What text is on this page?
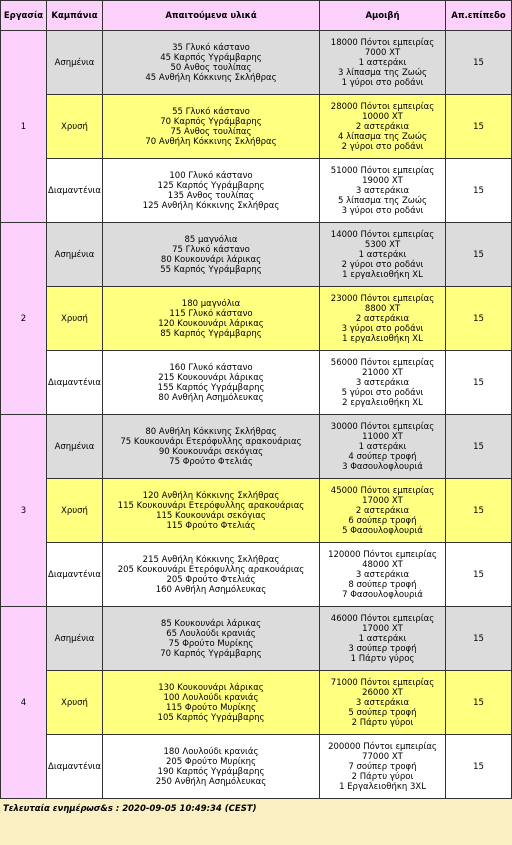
Εργασία	Καμπάνια	Απαιτούμενα υλικά	Αμοιβή	Απ.επίπεδο
1	Ασημένια	35 Γλυκό κάστανο
45 Καρπός Υγράμβαρης
50 Ανθος τουλίπας
45 Ανθήλη Κόκκινης Σκλήθρας	18000 Πόντοι εμπειρίας
7000 ΧΤ
1 αστεράκι
3 λίπασμα της Ζωώς
1 γύροι στο ροδάνι	15
	Χρυσή	55 Γλυκό κάστανο
70 Καρπός Υγράμβαρης
75 Ανθος τουλίπας
70 Ανθήλη Κόκκινης Σκλήθρας	28000 Πόντοι εμπειρίας
10000 ΧΤ
2 αστεράκια
4 λίπασμα της Ζωώς
2 γύροι στο ροδάνι	15
	Διαμαντένια	100 Γλυκό κάστανο
125 Καρπός Υγράμβαρης
135 Ανθος τουλίπας
125 Ανθήλη Κόκκινης Σκλήθρας	51000 Πόντοι εμπειρίας
19000 ΧΤ
3 αστεράκια
5 λίπασμα της Ζωώς
3 γύροι στο ροδάνι	15
2	Ασημένια	85 μαγνόλια
75 Γλυκό κάστανο
80 Κουκουνάρι λάρικας
55 Καρπός Υγράμβαρης	14000 Πόντοι εμπειρίας
5300 ΧΤ
1 αστεράκι
2 γύροι στο ροδάνι
1 εργαλειοθήκη XL	15
	Χρυσή	180 μαγνόλια
115 Γλυκό κάστανο
120 Κουκουνάρι λάρικας
85 Καρπός Υγράμβαρης	23000 Πόντοι εμπειρίας
8800 ΧΤ
2 αστεράκια
3 γύροι στο ροδάνι
1 εργαλειοθήκη XL	15
	Διαμαντένια	160 Γλυκό κάστανο
215 Κουκουνάρι λάρικας
155 Καρπός Υγράμβαρης
80 Ανθήλη Ασημόλευκας	56000 Πόντοι εμπειρίας
21000 ΧΤ
3 αστεράκια
5 γύροι στο ροδάνι
2 εργαλειοθήκη XL	15
3	Ασημένια	80 Ανθήλη Κόκκινης Σκλήθρας
75 Κουκουνάρι Ετερόφυλλης αρακουάριας
90 Κουκουνάρι σεκόγιας
75 Φρούτο Φτελιάς	30000 Πόντοι εμπειρίας
11000 ΧΤ
1 αστεράκι
4 σούπερ τροφή
3 Φασουλοφλουριά	15
	Χρυσή	120 Ανθήλη Κόκκινης Σκλήθρας
115 Κουκουνάρι Ετερόφυλλης αρακουάριας
115 Κουκουνάρι σεκόγιας
115 Φρούτο Φτελιάς	45000 Πόντοι εμπειρίας
17000 ΧΤ
2 αστεράκια
6 σούπερ τροφή
5 Φασουλοφλουριά	15
	Διαμαντένια	215 Ανθήλη Κόκκινης Σκλήθρας
205 Κουκουνάρι Ετερόφυλλης αρακουάριας
205 Φρούτο Φτελιάς
160 Ανθήλη Ασημόλευκας	120000 Πόντοι εμπειρίας
48000 ΧΤ
3 αστεράκια
8 σούπερ τροφή
7 Φασουλοφλουριά	15
4	Ασημένια	85 Κουκουνάρι λάρικας
65 Λουλούδι κρανιάς
75 Φρούτο Μυρίκης
70 Καρπός Υγράμβαρης	46000 Πόντοι εμπειρίας
17000 ΧΤ
1 αστεράκι
3 σούπερ τροφή
1 Πάρτυ γύρος	15
	Χρυσή	130 Κουκουνάρι λάρικας
100 Λουλούδι κρανιάς
115 Φρούτο Μυρίκης
105 Καρπός Υγράμβαρης	71000 Πόντοι εμπειρίας
26000 ΧΤ
3 αστεράκια
5 σούπερ τροφή
2 Πάρτυ γύροι	15
	Διαμαντένια	180 Λουλούδι κρανιάς
205 Φρούτο Μυρίκης
190 Καρπός Υγράμβαρης
250 Ανθήλη Ασημόλευκας	200000 Πόντοι εμπειρίας
77000 ΧΤ
7 σούπερ τροφή
2 Πάρτυ γύροι
1 Εργαλειοθήκη 3XL	15
Τελευταία ενημέρωσ&s : 2020-09-05 10:49:34 (CEST)
